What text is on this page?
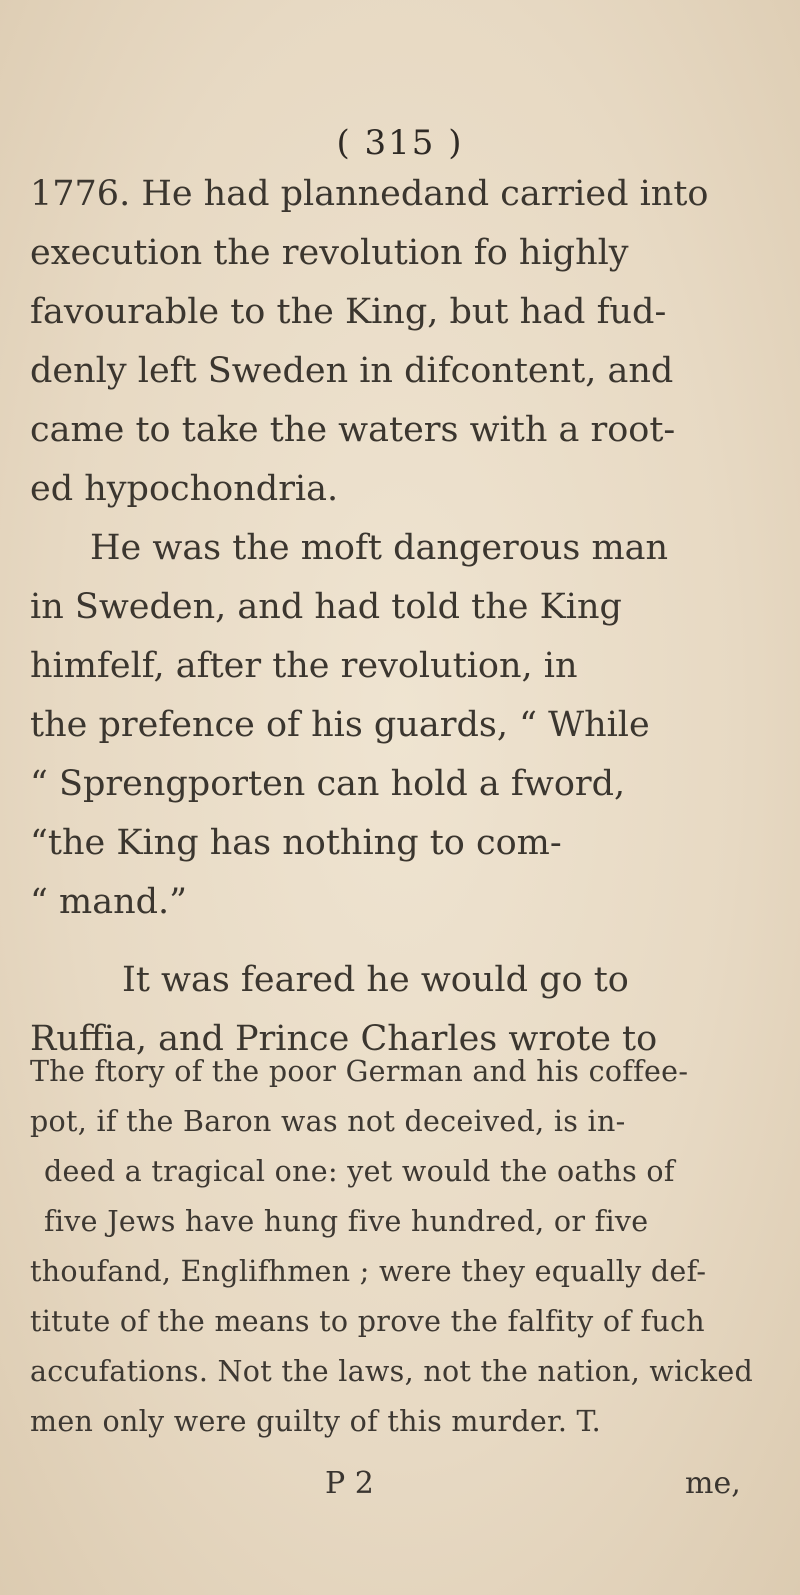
( 315 )
1776. He had plannedand carried into
execution the revolution fo highly
favourable to the King, but had fud-
denly left Sweden in difcontent, and
came to take the waters with a root-
ed hypochondria.
He was the moft dangerous man
in Sweden, and had told the King
himfelf, after the revolution, in
the prefence of his guards, “ While
“ Sprengporten can hold a fword,
“the King has nothing to com-
“ mand.”
It was feared he would go to
Ruffia, and Prince Charles wrote to
The ftory of the poor German and his coffee-
pot, if the Baron was not deceived, is in-
deed a tragical one: yet would the oaths of
five Jews have hung five hundred, or five
thoufand, Englifhmen ; were they equally def-
titute of the means to prove the falfity of fuch
accufations. Not the laws, not the nation, wicked
men only were guilty of this murder. T.
P 2	me,
